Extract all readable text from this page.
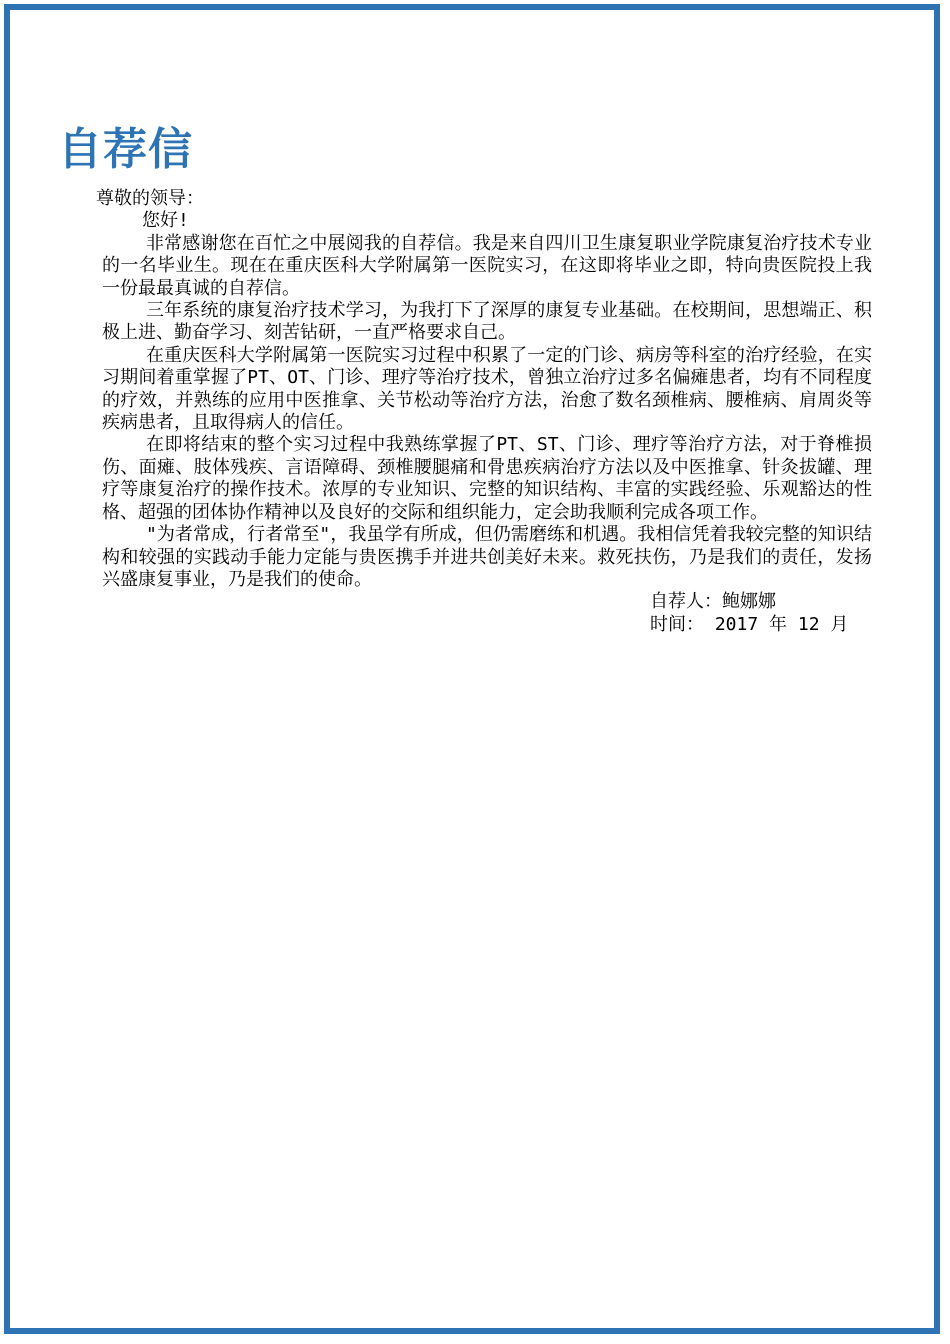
自荐信

尊敬的领导：

您好!

非常感谢您在百忙之中展阅我的自荐信。我是来自四川卫生康复职业学院康复治疗技术专业的一名毕业生。现在在重庆医科大学附属第一医院实习，在这即将毕业之即，特向贵医院投上我一份最最真诚的自荐信。

三年系统的康复治疗技术学习，为我打下了深厚的康复专业基础。在校期间，思想端正、积极上进、勤奋学习、刻苦钻研，一直严格要求自己。

在重庆医科大学附属第一医院实习过程中积累了一定的门诊、病房等科室的治疗经验，在实习期间着重掌握了PT、OT、门诊、理疗等治疗技术，曾独立治疗过多名偏瘫患者，均有不同程度的疗效，并熟练的应用中医推拿、关节松动等治疗方法，治愈了数名颈椎病、腰椎病、肩周炎等疾病患者，且取得病人的信任。

在即将结束的整个实习过程中我熟练掌握了PT、ST、门诊、理疗等治疗方法，对于脊椎损伤、面瘫、肢体残疾、言语障碍、颈椎腰腿痛和骨患疾病治疗方法以及中医推拿、针灸拔罐、理疗等康复治疗的操作技术。浓厚的专业知识、完整的知识结构、丰富的实践经验、乐观豁达的性格、超强的团体协作精神以及良好的交际和组织能力，定会助我顺利完成各项工作。

"为者常成，行者常至"，我虽学有所成，但仍需磨练和机遇。我相信凭着我较完整的知识结构和较强的实践动手能力定能与贵医携手并进共创美好未来。救死扶伤，乃是我们的责任，发扬兴盛康复事业，乃是我们的使命。

自荐人：鲍娜娜

时间： 2017 年 12 月
